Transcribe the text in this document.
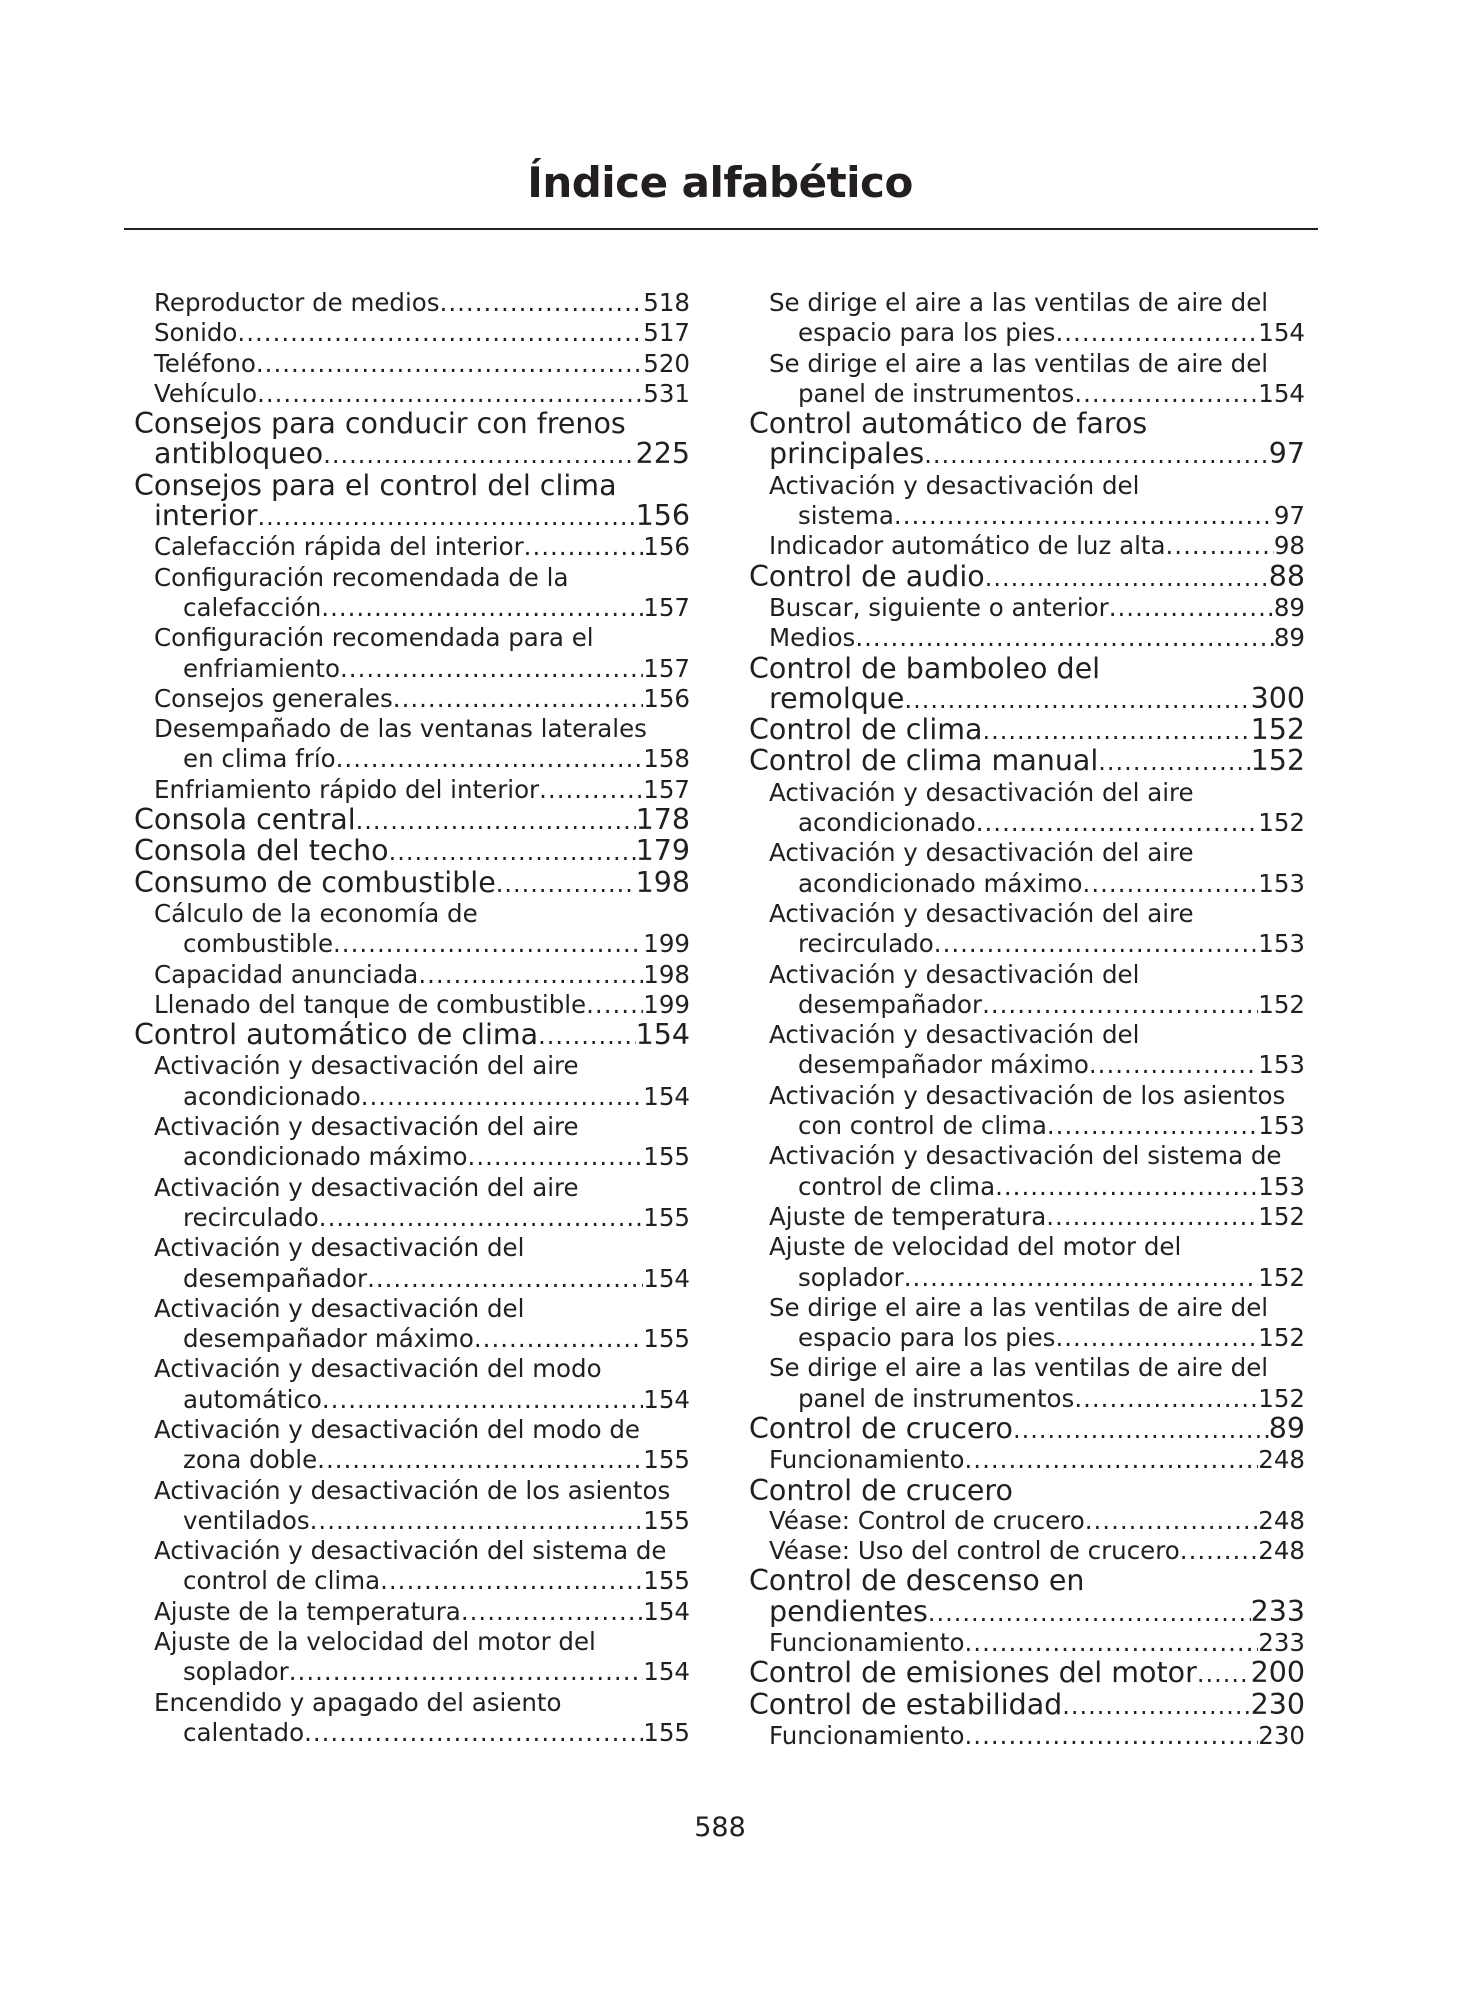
Índice alfabético
Reproductor de medios .....	518
Sonido .....	517
Teléfono .....	520
Vehículo .....	531
Consejos para conducir con frenos
antibloqueo .....	225
Consejos para el control del clima
interior .....	156
Calefacción rápida del interior .....	156
Configuración recomendada de la
calefacción .....	157
Configuración recomendada para el
enfriamiento .....	157
Consejos generales .....	156
Desempañado de las ventanas laterales
en clima frío .....	158
Enfriamiento rápido del interior .....	157
Consola central .....	178
Consola del techo .....	179
Consumo de combustible .....	198
Cálculo de la economía de
combustible .....	199
Capacidad anunciada .....	198
Llenado del tanque de combustible ..... 199
Control automático de clima .....	154
Activación y desactivación del aire
acondicionado .....	154
Activación y desactivación del aire
acondicionado máximo .....	155
Activación y desactivación del aire
recirculado .....	155
Activación y desactivación del
desempañador .....	154
Activación y desactivación del
desempañador máximo .....	155
Activación y desactivación del modo
automático .....	154
Activación y desactivación del modo de
zona doble .....	155
Activación y desactivación de los asientos
ventilados .....	155
Activación y desactivación del sistema de
control de clima .....	155
Ajuste de la temperatura .....	154
Ajuste de la velocidad del motor del
soplador .....	154
Encendido y apagado del asiento
calentado .....	155
Se dirige el aire a las ventilas de aire del
espacio para los pies .....	154
Se dirige el aire a las ventilas de aire del
panel de instrumentos .....	154
Control automático de faros
principales .....	97
Activación y desactivación del
sistema .....	97
Indicador automático de luz alta .....	98
Control de audio .....	88
Buscar, siguiente o anterior .....	89
Medios .....	89
Control de bamboleo del
remolque .....	300
Control de clima .....	152
Control de clima manual .....	152
Activación y desactivación del aire
acondicionado .....	152
Activación y desactivación del aire
acondicionado máximo .....	153
Activación y desactivación del aire
recirculado .....	153
Activación y desactivación del
desempañador .....	152
Activación y desactivación del
desempañador máximo .....	153
Activación y desactivación de los asientos
con control de clima .....	153
Activación y desactivación del sistema de
control de clima .....	153
Ajuste de temperatura .....	152
Ajuste de velocidad del motor del
soplador .....	152
Se dirige el aire a las ventilas de aire del
espacio para los pies .....	152
Se dirige el aire a las ventilas de aire del
panel de instrumentos .....	152
Control de crucero .....	89
Funcionamiento .....	248
Control de crucero
Véase: Control de crucero .....	248
Véase: Uso del control de crucero .....	248
Control de descenso en
pendientes .....	233
Funcionamiento .....	233
Control de emisiones del motor ..... 200
Control de estabilidad .....	230
Funcionamiento .....	230
588
